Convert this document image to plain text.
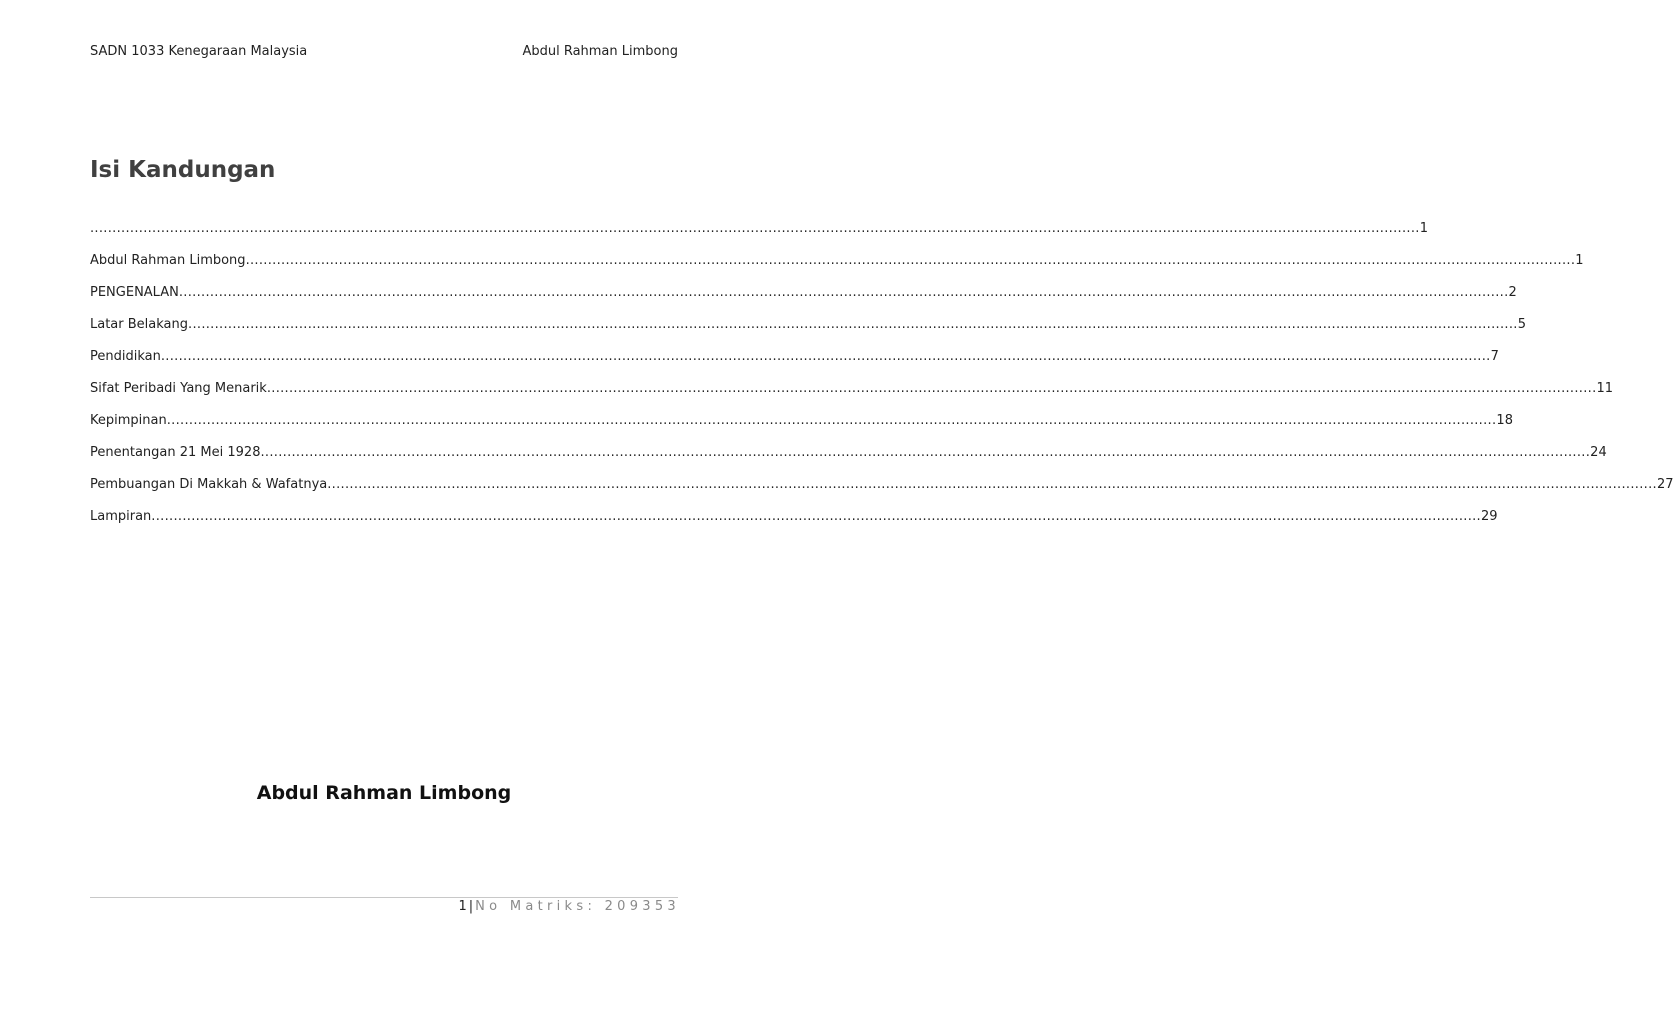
SADN 1033 Kenegaraan Malaysia	Abdul Rahman Limbong
Isi Kandungan
............................................................................................................................................................................................................................................................................................................ 1
Abdul Rahman Limbong ............................................................................................................................................................................................................................................................................................................ 1
PENGENALAN ............................................................................................................................................................................................................................................................................................................ 2
Latar Belakang ............................................................................................................................................................................................................................................................................................................ 5
Pendidikan ............................................................................................................................................................................................................................................................................................................ 7
Sifat Peribadi Yang Menarik ............................................................................................................................................................................................................................................................................................................ 11
Kepimpinan ............................................................................................................................................................................................................................................................................................................ 18
Penentangan 21 Mei 1928 ............................................................................................................................................................................................................................................................................................................ 24
Pembuangan Di Makkah & Wafatnya ............................................................................................................................................................................................................................................................................................................ 27
Lampiran ............................................................................................................................................................................................................................................................................................................ 29
Abdul Rahman Limbong
1 | No Matriks: 209353
